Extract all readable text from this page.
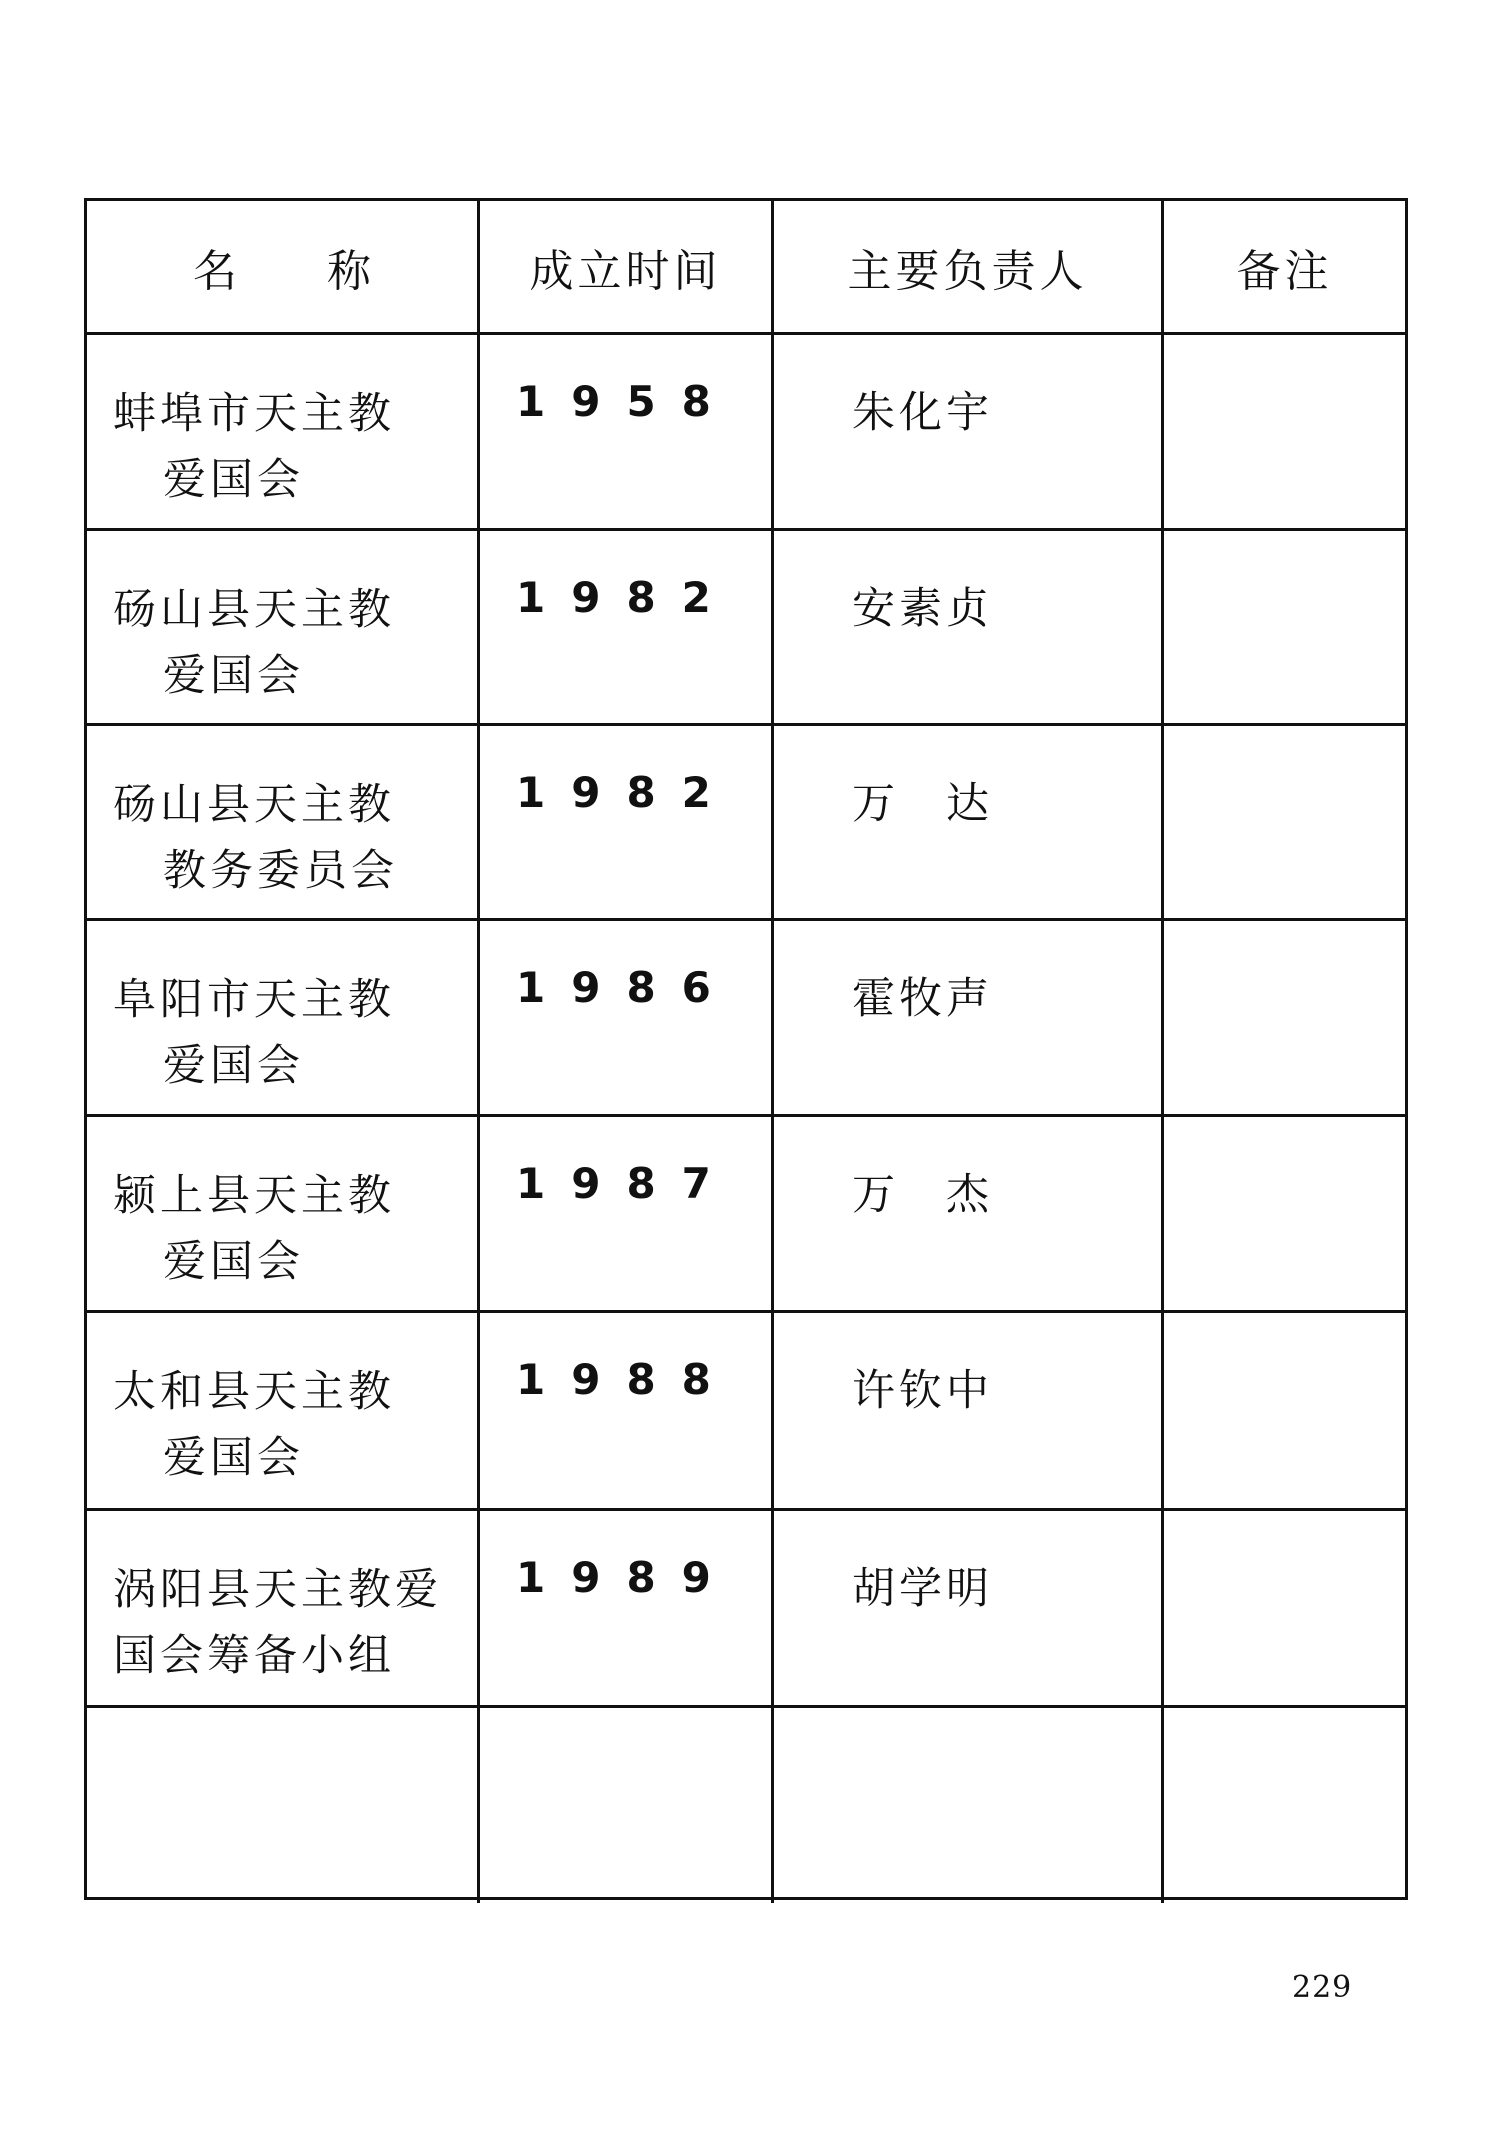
名称	成立时间	主要负责人	备注
蚌埠市天主教
爱国会
1958	朱化宇
砀山县天主教
爱国会
1982	安素贞
砀山县天主教
教务委员会
1982	万　达
阜阳市天主教
爱国会
1986	霍牧声
颍上县天主教
爱国会
1987	万　杰
太和县天主教
爱国会
1988	许钦中
涡阳县天主教爱
国会筹备小组
1989	胡学明
229
